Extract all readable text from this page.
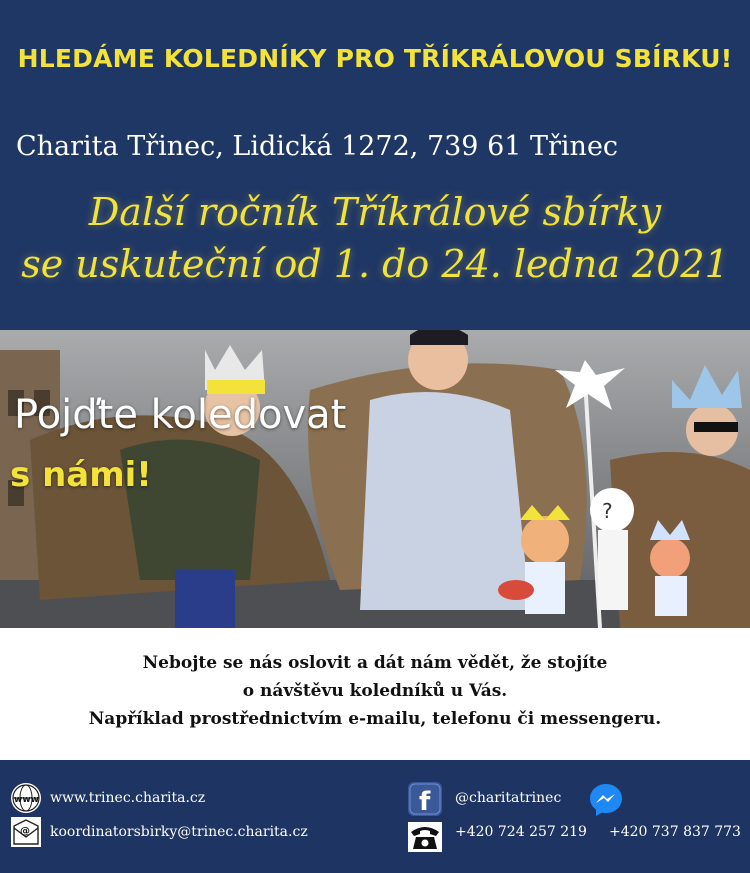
HLEDÁME KOLEDNÍKY PRO TŘÍKRÁLOVOU SBÍRKU!
Charita Třinec, Lidická 1272, 739 61 Třinec
Další ročník Tříkrálové sbírky
se uskuteční od 1. do 24. ledna 2021
?
Pojďte koledovat
s námi!
Nebojte se nás oslovit a dát nám vědět, že stojíte
o návštěvu koledníků u Vás.
Například prostřednictvím e-mailu, telefonu či messengeru.
www www.trinec.charita.cz
@ koordinatorsbirky@trinec.charita.cz
f @charitatrinec
+420 724 257 219 +420 737 837 773
